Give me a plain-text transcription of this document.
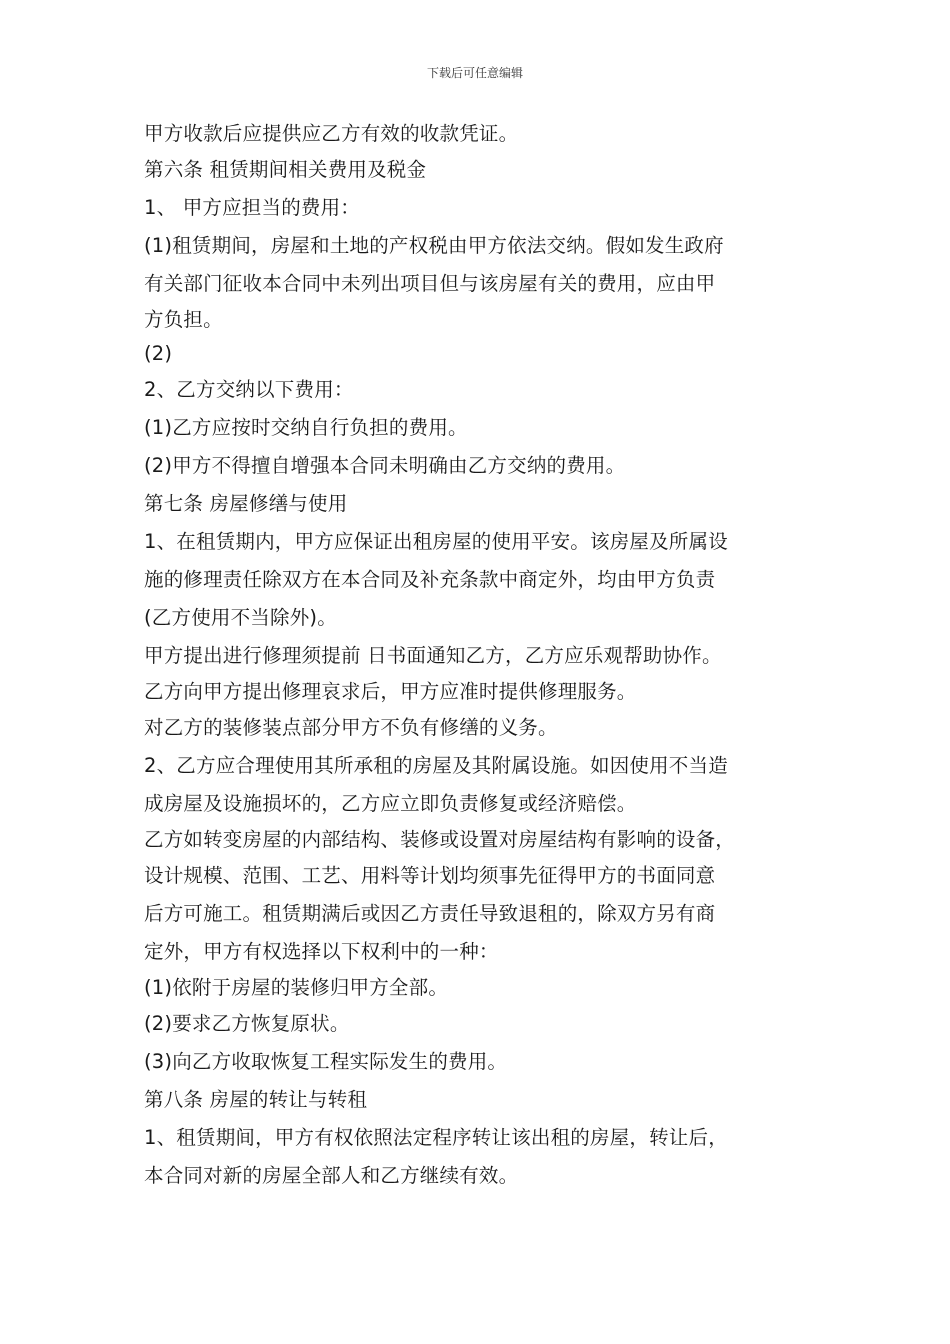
下载后可任意编辑
甲方收款后应提供应乙方有效的收款凭证。
第六条 租赁期间相关费用及税金
1、 甲方应担当的费用：
(1)租赁期间，房屋和土地的产权税由甲方依法交纳。假如发生政府
有关部门征收本合同中未列出项目但与该房屋有关的费用，应由甲
方负担。
(2)
2、乙方交纳以下费用：
(1)乙方应按时交纳自行负担的费用。
(2)甲方不得擅自增强本合同未明确由乙方交纳的费用。
第七条 房屋修缮与使用
1、在租赁期内，甲方应保证出租房屋的使用平安。该房屋及所属设
施的修理责任除双方在本合同及补充条款中商定外，均由甲方负责
(乙方使用不当除外)。
甲方提出进行修理须提前 日书面通知乙方，乙方应乐观帮助协作。
乙方向甲方提出修理哀求后，甲方应准时提供修理服务。
对乙方的装修装点部分甲方不负有修缮的义务。
2、乙方应合理使用其所承租的房屋及其附属设施。如因使用不当造
成房屋及设施损坏的，乙方应立即负责修复或经济赔偿。
乙方如转变房屋的内部结构、装修或设置对房屋结构有影响的设备，
设计规模、范围、工艺、用料等计划均须事先征得甲方的书面同意
后方可施工。租赁期满后或因乙方责任导致退租的，除双方另有商
定外，甲方有权选择以下权利中的一种：
(1)依附于房屋的装修归甲方全部。
(2)要求乙方恢复原状。
(3)向乙方收取恢复工程实际发生的费用。
第八条 房屋的转让与转租
1、租赁期间，甲方有权依照法定程序转让该出租的房屋，转让后，
本合同对新的房屋全部人和乙方继续有效。
